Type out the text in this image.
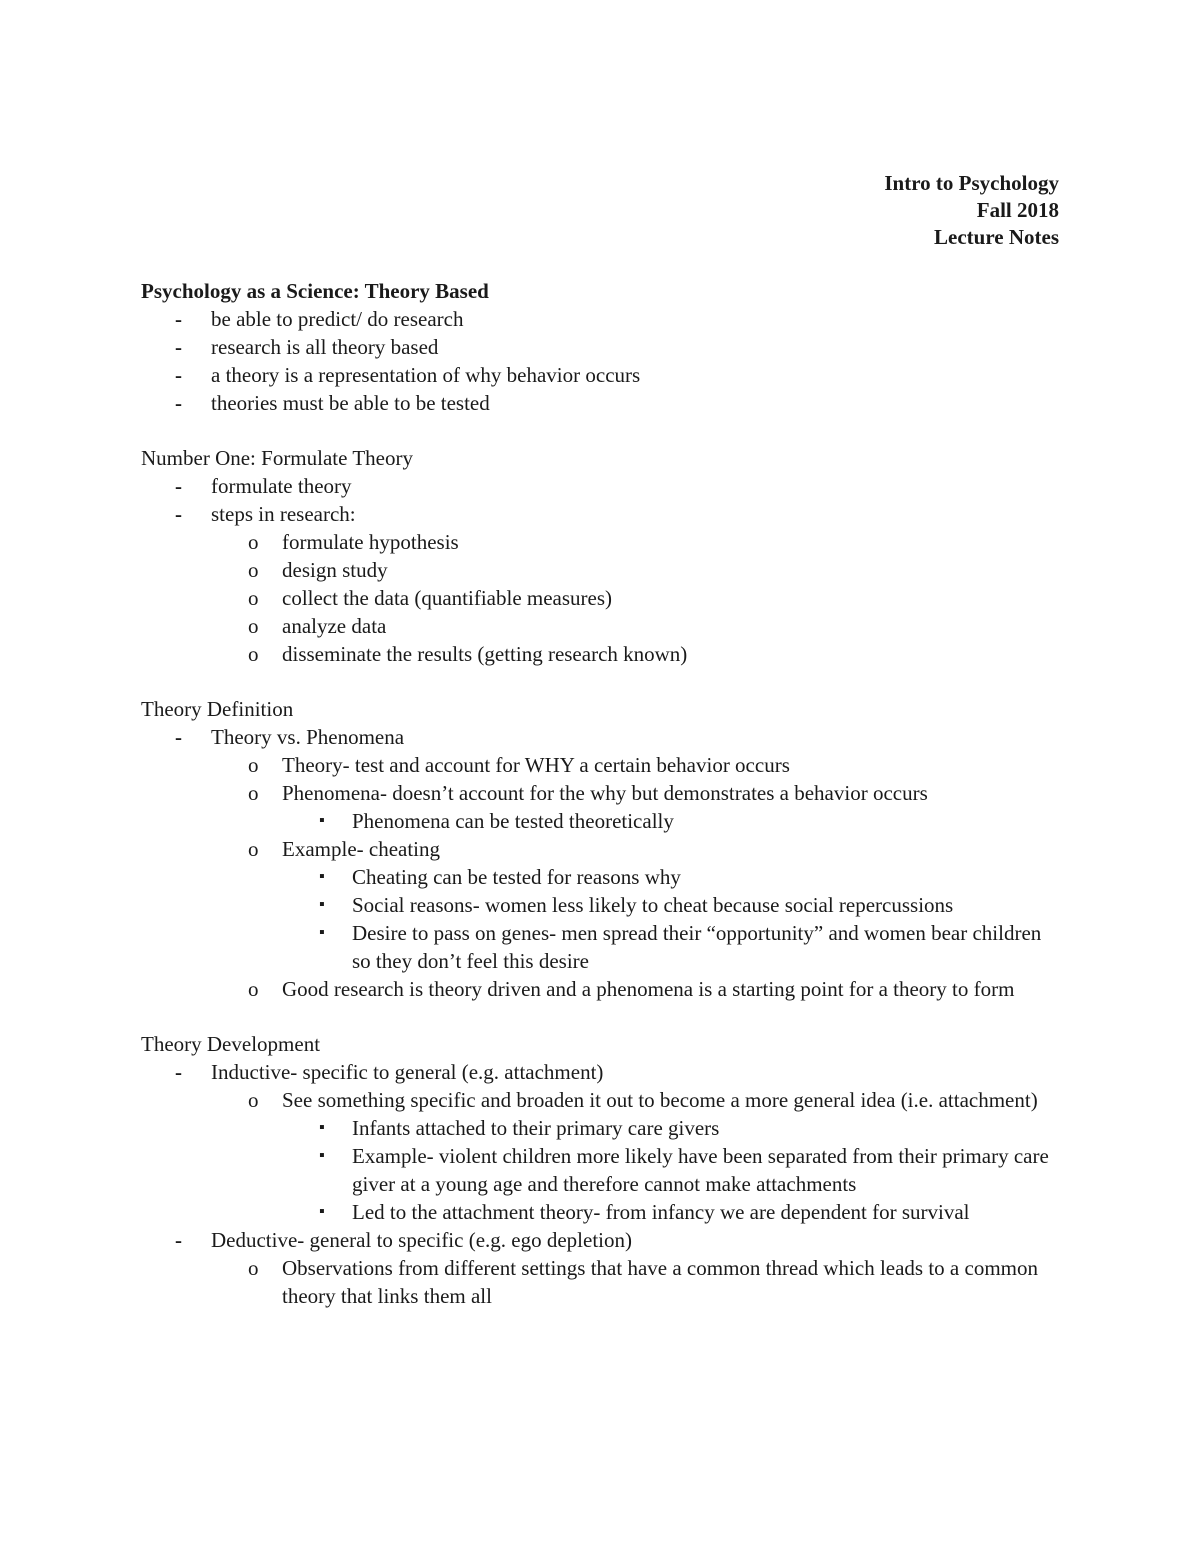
Intro to Psychology
Fall 2018
Lecture Notes
Psychology as a Science: Theory Based
- be able to predict/ do research
- research is all theory based
- a theory is a representation of why behavior occurs
- theories must be able to be tested
Number One: Formulate Theory
- formulate theory
- steps in research:
o formulate hypothesis
o design study
o collect the data (quantifiable measures)
o analyze data
o disseminate the results (getting research known)
Theory Definition
- Theory vs. Phenomena
o Theory- test and account for WHY a certain behavior occurs
o Phenomena- doesn’t account for the why but demonstrates a behavior occurs
▪ Phenomena can be tested theoretically
o Example- cheating
▪ Cheating can be tested for reasons why
▪ Social reasons- women less likely to cheat because social repercussions
▪ Desire to pass on genes- men spread their “opportunity” and women bear children so they don’t feel this desire
o Good research is theory driven and a phenomena is a starting point for a theory to form
Theory Development
- Inductive- specific to general (e.g. attachment)
o See something specific and broaden it out to become a more general idea (i.e. attachment)
▪ Infants attached to their primary care givers
▪ Example- violent children more likely have been separated from their primary care giver at a young age and therefore cannot make attachments
▪ Led to the attachment theory- from infancy we are dependent for survival
- Deductive- general to specific (e.g. ego depletion)
o Observations from different settings that have a common thread which leads to a common theory that links them all
